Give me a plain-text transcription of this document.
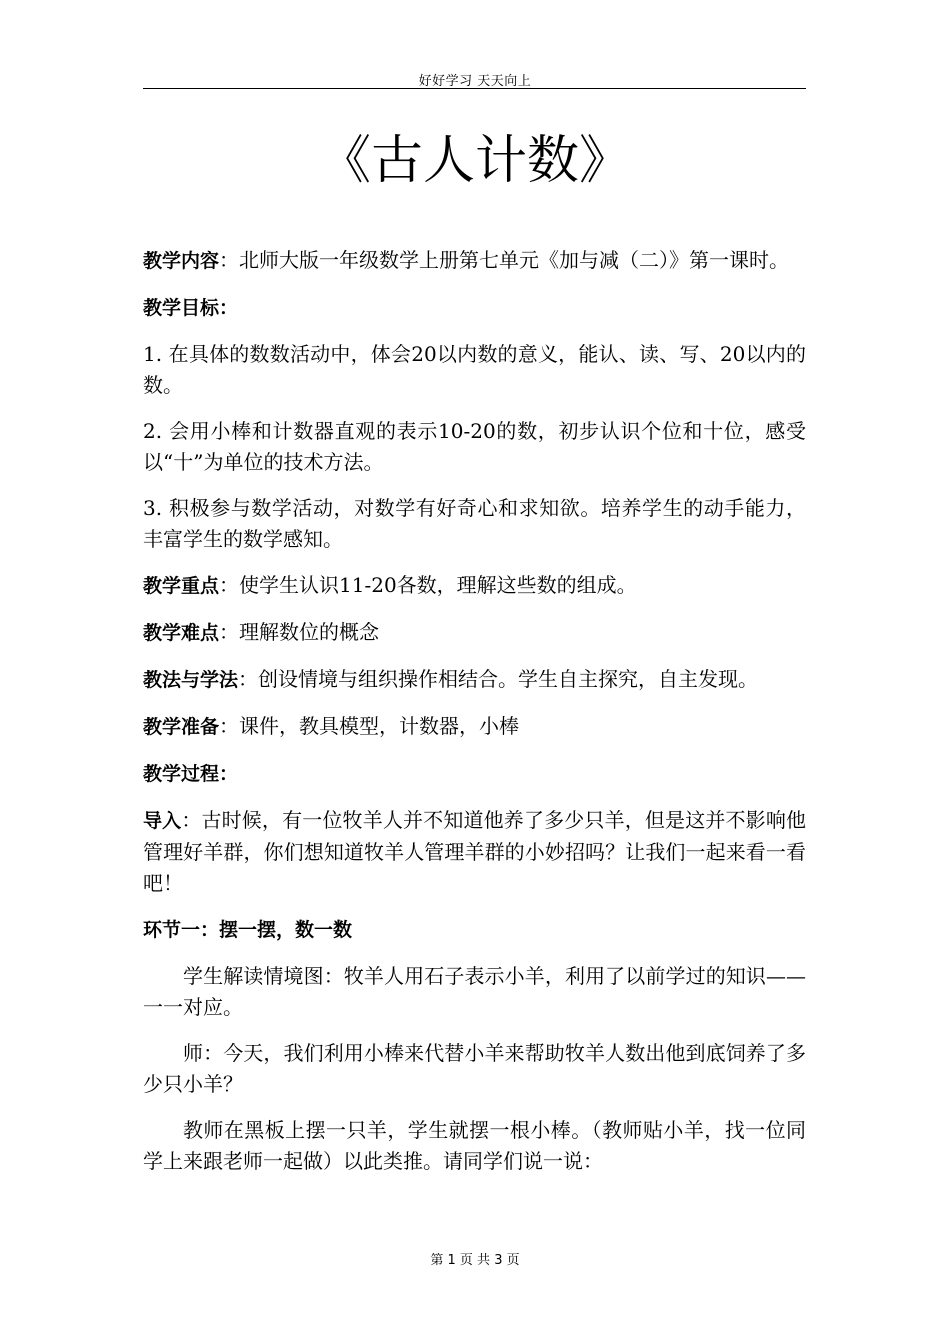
好好学习 天天向上
《古人计数》

教学内容：北师大版一年级数学上册第七单元《加与减（二）》第一课时。

教学目标：

1. 在具体的数数活动中，体会20以内数的意义，能认、读、写、20以内的数。

2. 会用小棒和计数器直观的表示10-20的数，初步认识个位和十位，感受以“十”为单位的技术方法。

3. 积极参与数学活动，对数学有好奇心和求知欲。培养学生的动手能力，丰富学生的数学感知。

教学重点：使学生认识11-20各数，理解这些数的组成。

教学难点：理解数位的概念

教法与学法：创设情境与组织操作相结合。学生自主探究，自主发现。

教学准备：课件，教具模型，计数器，小棒

教学过程：

导入：古时候，有一位牧羊人并不知道他养了多少只羊，但是这并不影响他管理好羊群，你们想知道牧羊人管理羊群的小妙招吗？让我们一起来看一看吧！

环节一：摆一摆，数一数

学生解读情境图：牧羊人用石子表示小羊，利用了以前学过的知识——一一对应。

师：今天，我们利用小棒来代替小羊来帮助牧羊人数出他到底饲养了多少只小羊？

教师在黑板上摆一只羊，学生就摆一根小棒。（教师贴小羊，找一位同学上来跟老师一起做）以此类推。请同学们说一说：

第 1 页 共 3 页
